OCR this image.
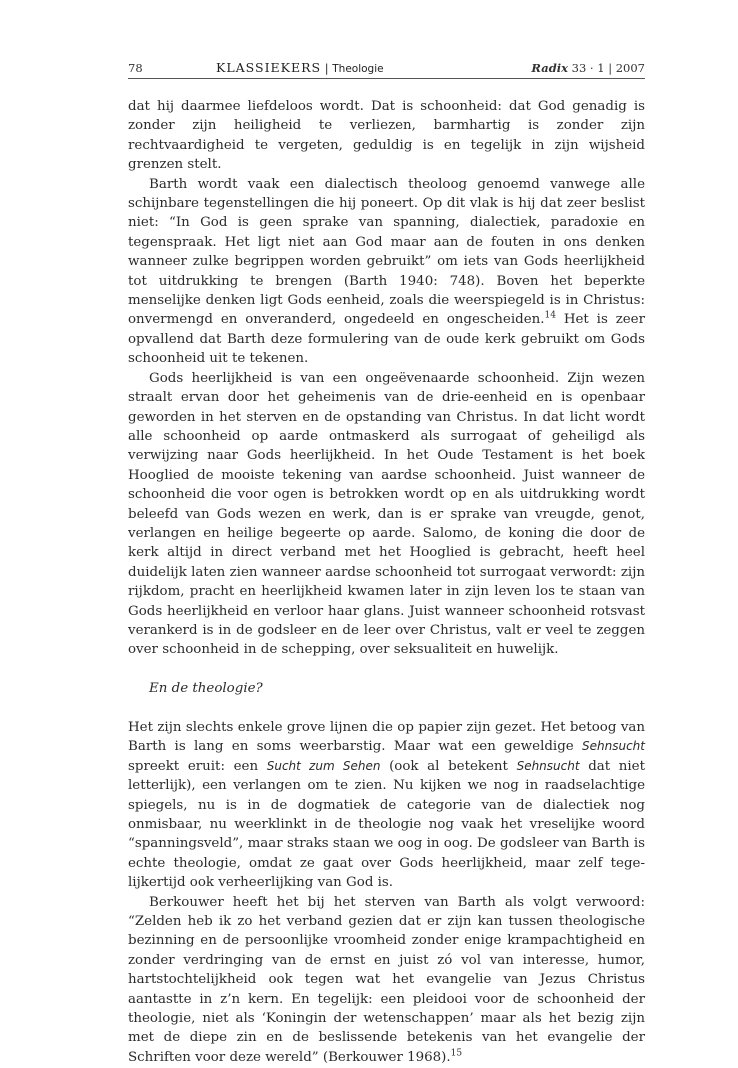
78	KLASSIEKERS | Theologie	Radix 33 · 1 | 2007

dat hij daarmee liefdeloos wordt. Dat is schoonheid: dat God genadig is zonder zijn heiligheid te verliezen, barmhartig is zonder zijn rechtvaardigheid te vergeten, geduldig is en tegelijk in zijn wijsheid grenzen stelt.

Barth wordt vaak een dialectisch theoloog genoemd vanwege alle schijnbare tegenstellingen die hij poneert. Op dit vlak is hij dat zeer beslist niet: “In God is geen sprake van spanning, dialectiek, paradoxie en tegenspraak. Het ligt niet aan God maar aan de fouten in ons denken wanneer zulke begrippen worden gebruikt” om iets van Gods heerlijkheid tot uitdrukking te brengen (Barth 1940: 748). Boven het beperkte menselijke denken ligt Gods eenheid, zoals die weerspiegeld is in Christus: onvermengd en onveranderd, ongedeeld en ongescheiden.$^{14}$ Het is zeer opvallend dat Barth deze formulering van de oude kerk gebruikt om Gods schoonheid uit te tekenen.

Gods heerlijkheid is van een ongeëvenaarde schoonheid. Zijn wezen straalt ervan door het geheimenis van de drie-eenheid en is openbaar geworden in het sterven en de opstanding van Christus. In dat licht wordt alle schoonheid op aarde ontmaskerd als surrogaat of geheiligd als verwijzing naar Gods heerlijkheid. In het Oude Testament is het boek Hooglied de mooiste tekening van aardse schoonheid. Juist wanneer de schoonheid die voor ogen is betrokken wordt op en als uitdrukking wordt beleefd van Gods wezen en werk, dan is er sprake van vreugde, genot, verlangen en heilige begeerte op aarde. Salomo, de koning die door de kerk altijd in direct verband met het Hooglied is gebracht, heeft heel duidelijk laten zien wanneer aardse schoonheid tot surrogaat verwordt: zijn rijkdom, pracht en heerlijkheid kwamen later in zijn leven los te staan van Gods heerlijkheid en verloor haar glans. Juist wanneer schoonheid rotsvast verankerd is in de godsleer en de leer over Christus, valt er veel te zeggen over schoonheid in de schepping, over seksualiteit en huwelijk.

En de theologie?

Het zijn slechts enkele grove lijnen die op papier zijn gezet. Het betoog van Barth is lang en soms weerbarstig. Maar wat een geweldige Sehnsucht spreekt eruit: een Sucht zum Sehen (ook al betekent Sehnsucht dat niet letterlijk), een verlangen om te zien. Nu kijken we nog in raadselachtige spiegels, nu is in de dogmatiek de categorie van de dialectiek nog onmisbaar, nu weerklinkt in de theologie nog vaak het vreselijke woord “spanningsveld”, maar straks staan we oog in oog. De godsleer van Barth is echte theologie, omdat ze gaat over Gods heerlijkheid, maar zelf tegelijkertijd ook verheerlijking van God is.

Berkouwer heeft het bij het sterven van Barth als volgt verwoord: “Zelden heb ik zo het verband gezien dat er zijn kan tussen theologische bezinning en de persoonlijke vroomheid zonder enige krampachtigheid en zonder verdringing van de ernst en juist zó vol van interesse, humor, hartstochtelijkheid ook tegen wat het evangelie van Jezus Christus aantastte in z’n kern. En tegelijk: een pleidooi voor de schoonheid der theologie, niet als ‘Koningin der wetenschappen’ maar als het bezig zijn met de diepe zin en de beslissende betekenis van het evangelie der Schriften voor deze wereld” (Berkouwer 1968).$^{15}$
